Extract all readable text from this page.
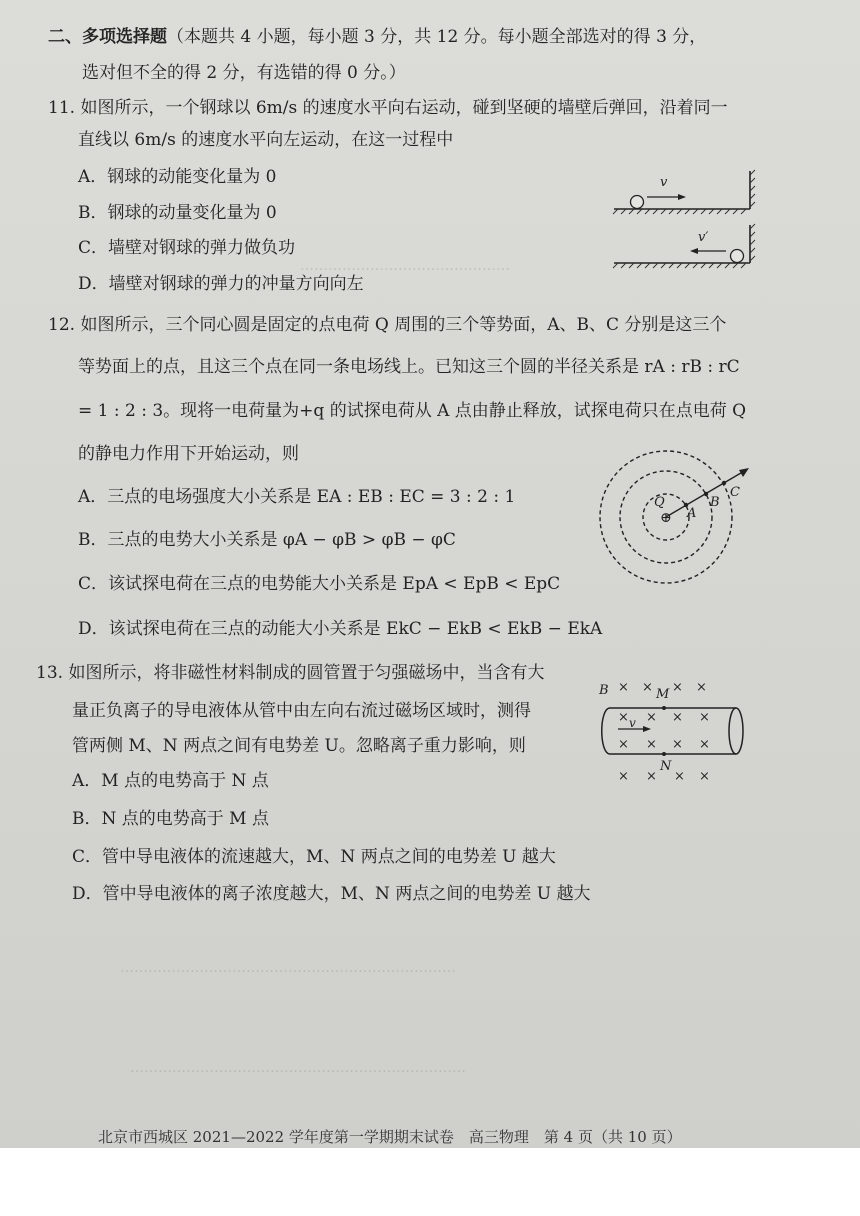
………………………………………
………………………………………………………………
………………………………………………………………
二、多项选择题（本题共 4 小题，每小题 3 分，共 12 分。每小题全部选对的得 3 分，
选对但不全的得 2 分，有选错的得 0 分。）
11. 如图所示，一个钢球以 6m/s 的速度水平向右运动，碰到坚硬的墙壁后弹回，沿着同一
直线以 6m/s 的速度水平向左运动，在这一过程中
A．钢球的动能变化量为 0
B．钢球的动量变化量为 0
C．墙壁对钢球的弹力做负功
D．墙壁对钢球的弹力的冲量方向向左
v
v′
12. 如图所示，三个同心圆是固定的点电荷 Q 周围的三个等势面，A、B、C 分别是这三个
等势面上的点，且这三个点在同一条电场线上。已知这三个圆的半径关系是 rA : rB : rC
= 1 : 2 : 3。现将一电荷量为+q 的试探电荷从 A 点由静止释放，试探电荷只在点电荷 Q
的静电力作用下开始运动，则
A．三点的电场强度大小关系是 EA : EB : EC = 3 : 2 : 1
B．三点的电势大小关系是 φA − φB > φB − φC
C．该试探电荷在三点的电势能大小关系是 EpA < EpB < EpC
D．该试探电荷在三点的动能大小关系是 EkC − EkB < EkB − EkA
⊕
Q
A
B
C
13. 如图所示，将非磁性材料制成的圆管置于匀强磁场中，当含有大
量正负离子的导电液体从管中由左向右流过磁场区域时，测得
管两侧 M、N 两点之间有电势差 U。忽略离子重力影响，则
A．M 点的电势高于 N 点
B．N 点的电势高于 M 点
C．管中导电液体的流速越大，M、N 两点之间的电势差 U 越大
D．管中导电液体的离子浓度越大，M、N 两点之间的电势差 U 越大
B	M
N
v
× × × ×
× × × ×
× × × ×
× × × ×
北京市西城区 2021—2022 学年度第一学期期末试卷　高三物理　第 4 页（共 10 页）
